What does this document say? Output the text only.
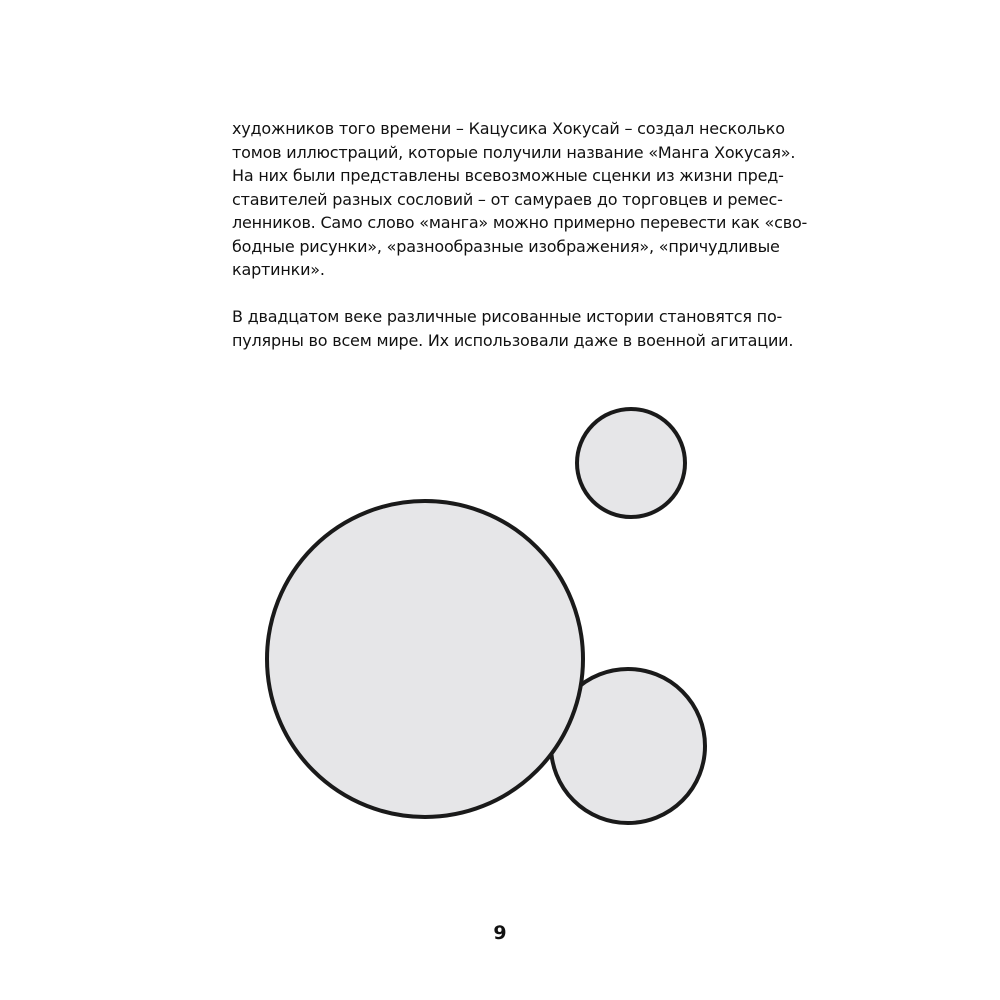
художников того времени – Кацусика Хокусай – создал несколько
томов иллюстраций, которые получили название «Манга Хокусая».
На них были представлены всевозможные сценки из жизни пред-
ставителей разных сословий – от самураев до торговцев и ремес-
ленников. Само слово «манга» можно примерно перевести как «сво-
бодные рисунки», «разнообразные изображения», «причудливые
картинки».

В двадцатом веке различные рисованные истории становятся по-
пулярны во всем мире. Их использовали даже в военной агитации.

9
